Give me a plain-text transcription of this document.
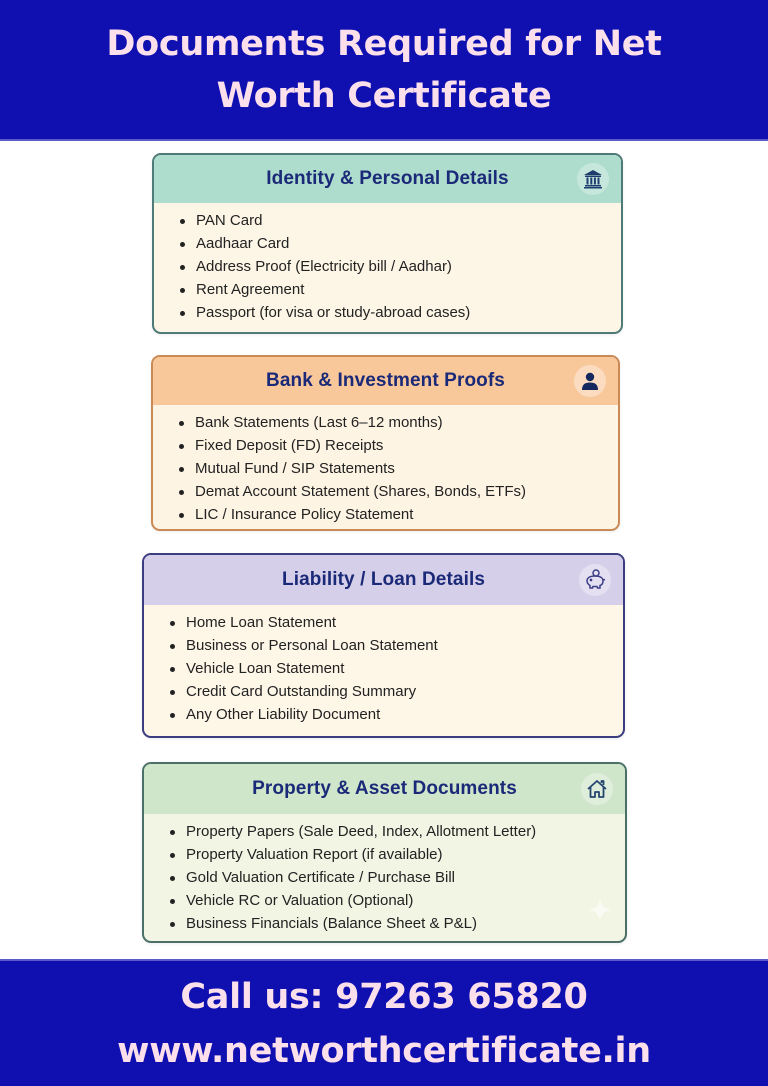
Documents Required for Net
Worth Certificate
Identity & Personal Details
PAN Card
Aadhaar Card
Address Proof (Electricity bill / Aadhar)
Rent Agreement
Passport (for visa or study-abroad cases)
Bank & Investment Proofs
Bank Statements (Last 6–12 months)
Fixed Deposit (FD) Receipts
Mutual Fund / SIP Statements
Demat Account Statement (Shares, Bonds, ETFs)
LIC / Insurance Policy Statement
Liability / Loan Details
Home Loan Statement
Business or Personal Loan Statement
Vehicle Loan Statement
Credit Card Outstanding Summary
Any Other Liability Document
Property & Asset Documents
Property Papers (Sale Deed, Index, Allotment Letter)
Property Valuation Report (if available)
Gold Valuation Certificate / Purchase Bill
Vehicle RC or Valuation (Optional)
Business Financials (Balance Sheet & P&L)
Call us: 97263 65820
www.networthcertificate.in
